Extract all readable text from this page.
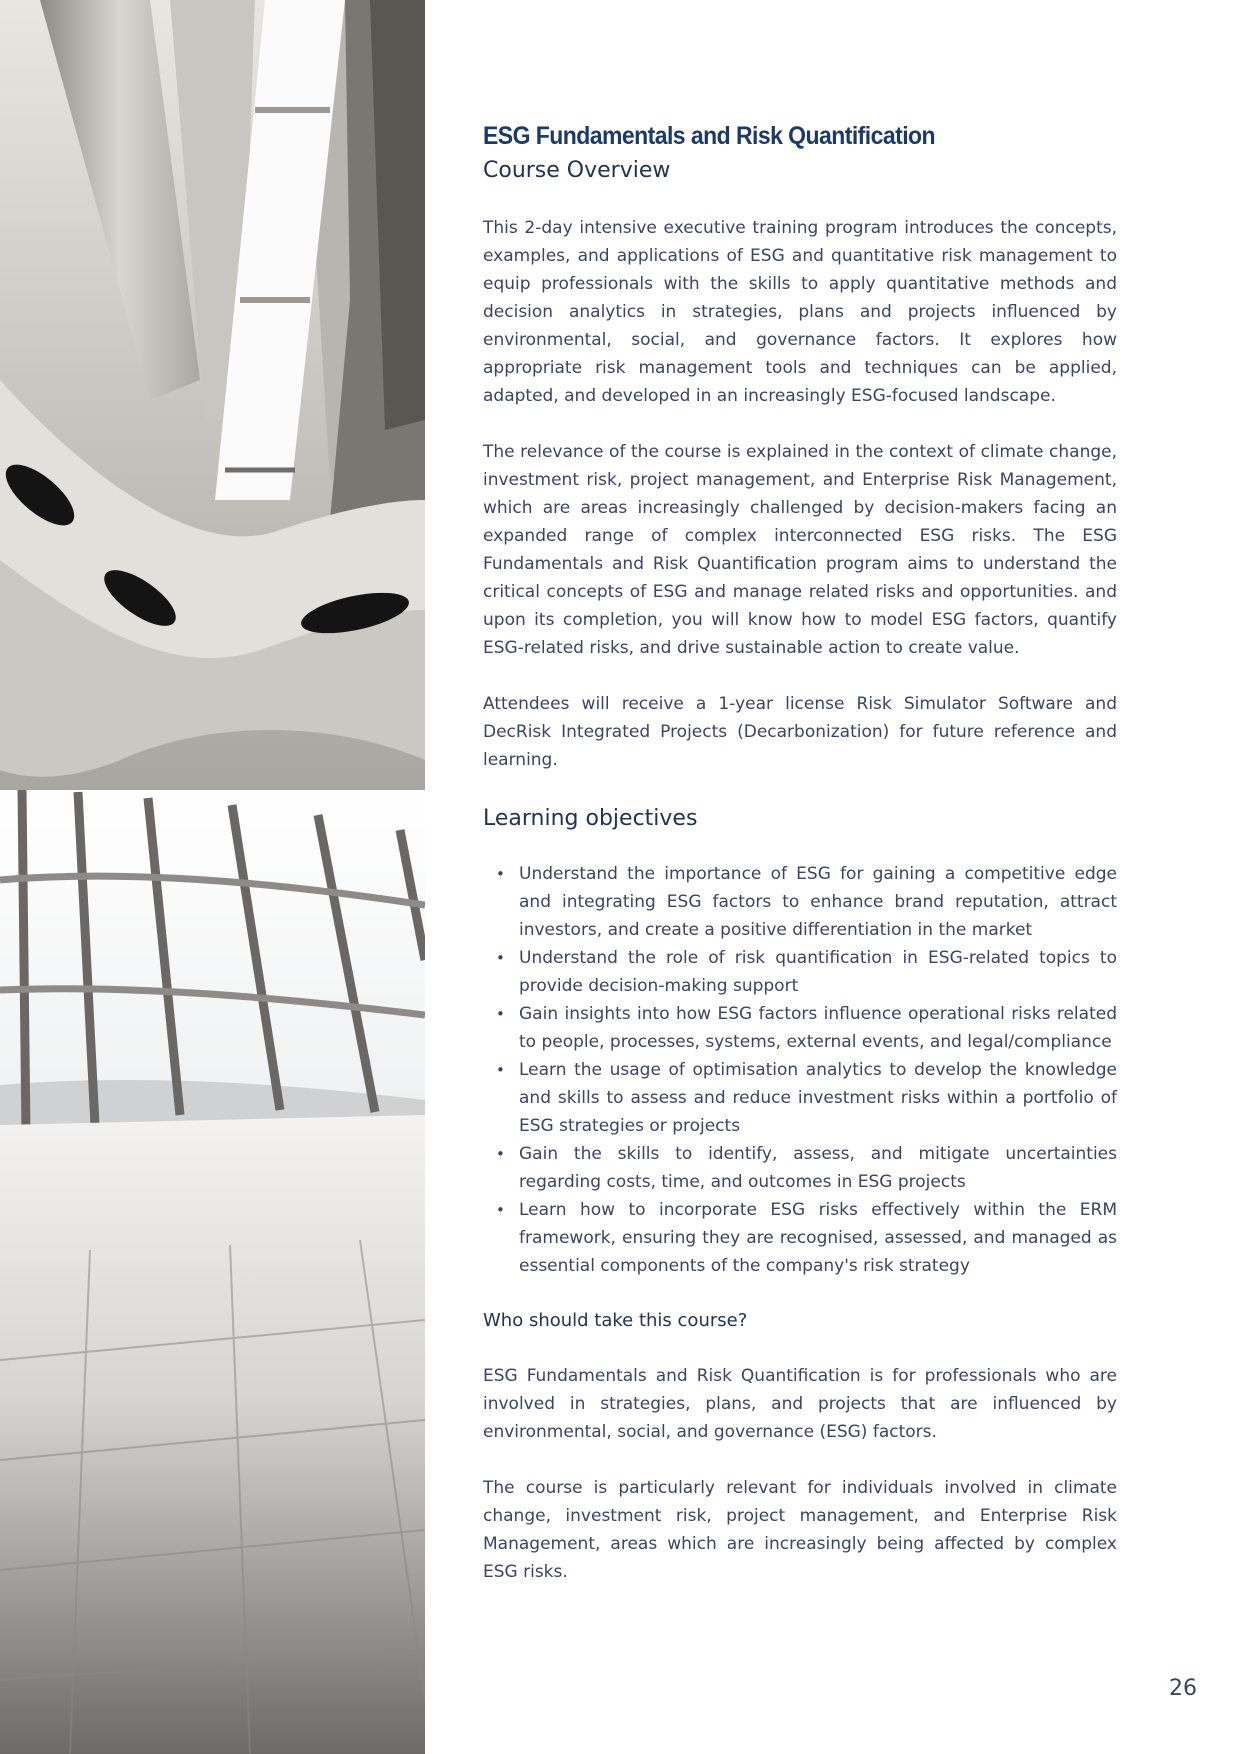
ESG Fundamentals and Risk Quantification
Course Overview

This 2-day intensive executive training program introduces the concepts, examples, and applications of ESG and quantitative risk management to equip professionals with the skills to apply quantitative methods and decision analytics in strategies, plans and projects influenced by environmental, social, and governance factors. It explores how appropriate risk management tools and techniques can be applied, adapted, and developed in an increasingly ESG-focused landscape.

The relevance of the course is explained in the context of climate change, investment risk, project management, and Enterprise Risk Management, which are areas increasingly challenged by decision-makers facing an expanded range of complex interconnected ESG risks. The ESG Fundamentals and Risk Quantification program aims to understand the critical concepts of ESG and manage related risks and opportunities. and upon its completion, you will know how to model ESG factors, quantify ESG-related risks, and drive sustainable action to create value.

Attendees will receive a 1-year license Risk Simulator Software and DecRisk Integrated Projects (Decarbonization) for future reference and learning.

Learning objectives
• Understand the importance of ESG for gaining a competitive edge and integrating ESG factors to enhance brand reputation, attract investors, and create a positive differentiation in the market
• Understand the role of risk quantification in ESG-related topics to provide decision-making support
• Gain insights into how ESG factors influence operational risks related to people, processes, systems, external events, and legal/compliance
• Learn the usage of optimisation analytics to develop the knowledge and skills to assess and reduce investment risks within a portfolio of ESG strategies or projects
• Gain the skills to identify, assess, and mitigate uncertainties regarding costs, time, and outcomes in ESG projects
• Learn how to incorporate ESG risks effectively within the ERM framework, ensuring they are recognised, assessed, and managed as essential components of the company's risk strategy
Who should take this course?

ESG Fundamentals and Risk Quantification is for professionals who are involved in strategies, plans, and projects that are influenced by environmental, social, and governance (ESG) factors.

The course is particularly relevant for individuals involved in climate change, investment risk, project management, and Enterprise Risk Management, areas which are increasingly being affected by complex ESG risks.

26
